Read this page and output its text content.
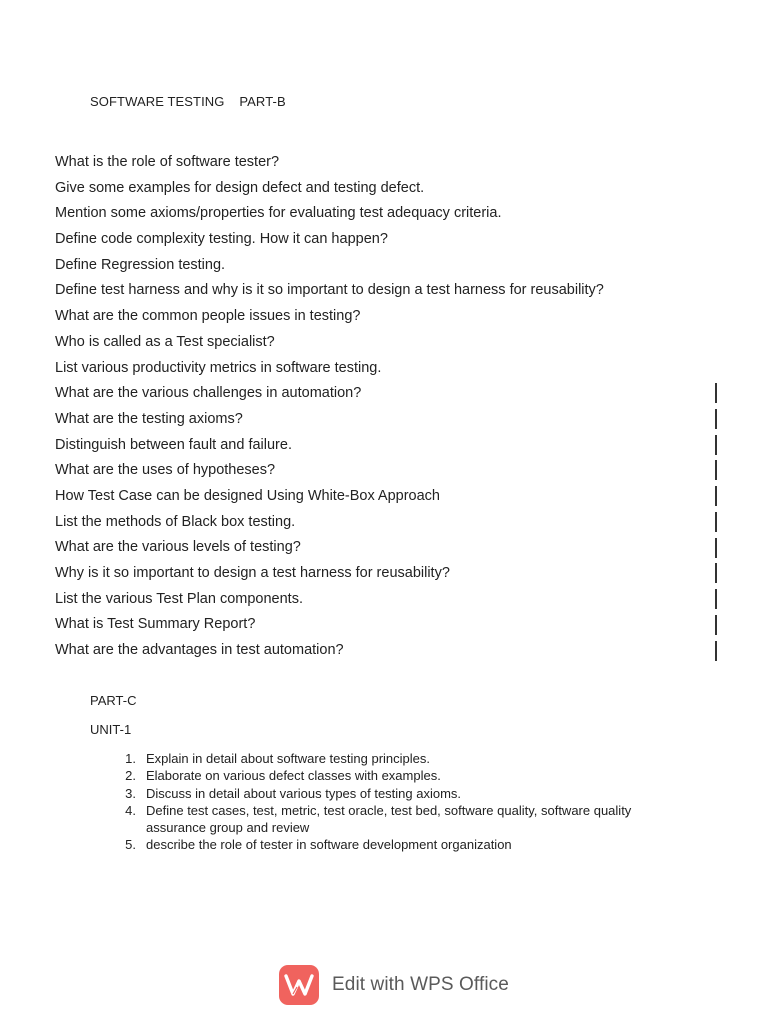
SOFTWARE TESTING PART-B
What is the role of software tester?
Give some examples for design defect and testing defect.
Mention some axioms/properties for evaluating test adequacy criteria.
Define code complexity testing. How it can happen?
Define Regression testing.
Define test harness and why is it so important to design a test harness for reusability?
What are the common people issues in testing?
Who is called as a Test specialist?
List various productivity metrics in software testing.
What are the various challenges in automation?
What are the testing axioms?
Distinguish between fault and failure.
What are the uses of hypotheses?
How Test Case can be designed Using White-Box Approach
List the methods of Black box testing.
What are the various levels of testing?
Why is it so important to design a test harness for reusability?
List the various Test Plan components.
What is Test Summary Report?
What are the advantages in test automation?
PART-C
UNIT-1
1. Explain in detail about software testing principles.
2. Elaborate on various defect classes with examples.
3. Discuss in detail about various types of testing axioms.
4. Define test cases, test, metric, test oracle, test bed, software quality, software quality assurance group and review
5. describe the role of tester in software development organization
Edit with WPS Office
